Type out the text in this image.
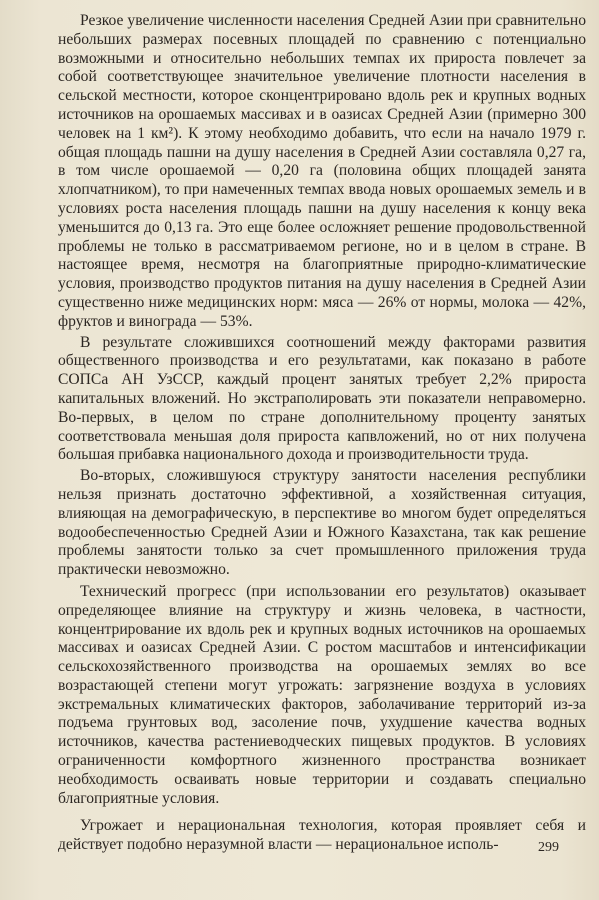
Резкое увеличение численности населения Средней Азии при сравнительно небольших размерах посевных площадей по сравнению с потенциально возможными и относительно небольших темпах их прироста повлечет за собой соответствующее значительное увеличение плотности населения в сельской местности, которое сконцентрировано вдоль рек и крупных водных источников на орошаемых массивах и в оазисах Средней Азии (примерно 300 человек на 1 км²). К этому необходимо добавить, что если на начало 1979 г. общая площадь пашни на душу населения в Средней Азии составляла 0,27 га, в том числе орошаемой — 0,20 га (половина общих площадей занята хлопчатником), то при намеченных темпах ввода новых орошаемых земель и в условиях роста населения площадь пашни на душу населения к концу века уменьшится до 0,13 га. Это еще более осложняет решение продовольственной проблемы не только в рассматриваемом регионе, но и в целом в стране. В настоящее время, несмотря на благоприятные природно-климатические условия, производство продуктов питания на душу населения в Средней Азии существенно ниже медицинских норм: мяса — 26% от нормы, молока — 42%, фруктов и винограда — 53%.

В результате сложившихся соотношений между факторами развития общественного производства и его результатами, как показано в работе СОПСа АН УзССР, каждый процент занятых требует 2,2% прироста капитальных вложений. Но экстраполировать эти показатели неправомерно. Во-первых, в целом по стране дополнительному проценту занятых соответствовала меньшая доля прироста капвложений, но от них получена большая прибавка национального дохода и производительности труда.

Во-вторых, сложившуюся структуру занятости населения республики нельзя признать достаточно эффективной, а хозяйственная ситуация, влияющая на демографическую, в перспективе во многом будет определяться водообеспеченностью Средней Азии и Южного Казахстана, так как решение проблемы занятости только за счет промышленного приложения труда практически невозможно.

Технический прогресс (при использовании его результатов) оказывает определяющее влияние на структуру и жизнь человека, в частности, концентрирование их вдоль рек и крупных водных источников на орошаемых массивах и оазисах Средней Азии. С ростом масштабов и интенсификации сельскохозяйственного производства на орошаемых землях во все возрастающей степени могут угрожать: загрязнение воздуха в условиях экстремальных климатических факторов, заболачивание территорий из-за подъема грунтовых вод, засоление почв, ухудшение качества водных источников, качества растениеводческих пищевых продуктов. В условиях ограниченности комфортного жизненного пространства возникает необходимость осваивать новые территории и создавать специально благоприятные условия.

Угрожает и нерациональная технология, которая проявляет себя и действует подобно неразумной власти — нерациональное исполь-	299
